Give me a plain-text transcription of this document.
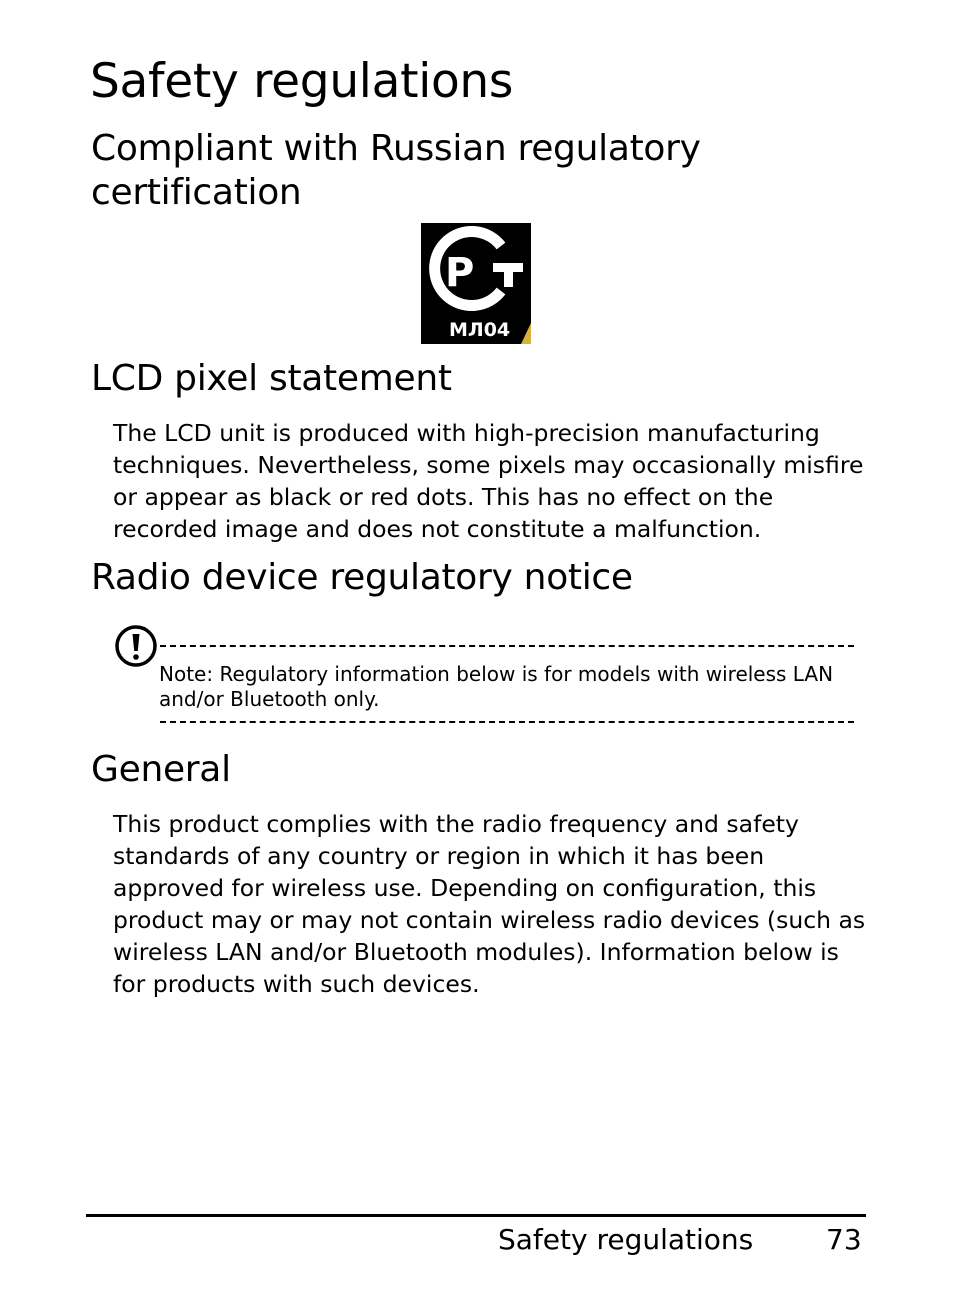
Safety regulations
Compliant with Russian regulatory certification
P
МЛ04
LCD pixel statement

The LCD unit is produced with high-precision manufacturing techniques. Nevertheless, some pixels may occasionally misfire or appear as black or red dots. This has no effect on the recorded image and does not constitute a malfunction.

Radio device regulatory notice

Note: Regulatory information below is for models with wireless LAN and/or Bluetooth only.

General

This product complies with the radio frequency and safety standards of any country or region in which it has been approved for wireless use. Depending on configuration, this product may or may not contain wireless radio devices (such as wireless LAN and/or Bluetooth modules). Information below is for products with such devices.

Safety regulations	73
